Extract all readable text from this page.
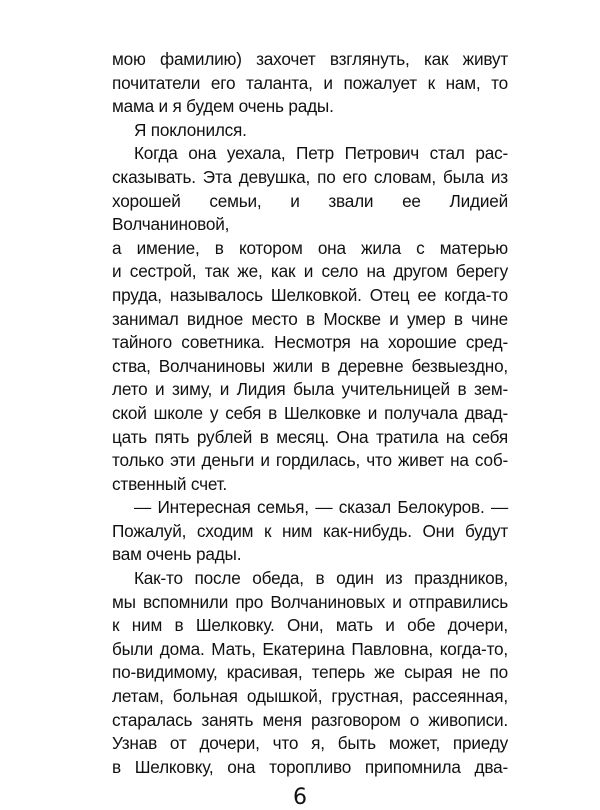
мою фамилию) захочет взглянуть, как живут
почитатели его таланта, и пожалует к нам, то
мама и я будем очень рады.
Я поклонился.
Когда она уехала, Петр Петрович стал рас-
сказывать. Эта девушка, по его словам, была из
хорошей семьи, и звали ее Лидией Волчаниновой,
а имение, в котором она жила с матерью
и сестрой, так же, как и село на другом берегу
пруда, называлось Шелковкой. Отец ее когда-то
занимал видное место в Москве и умер в чине
тайного советника. Несмотря на хорошие сред-
ства, Волчаниновы жили в деревне безвыездно,
лето и зиму, и Лидия была учительницей в зем-
ской школе у себя в Шелковке и получала двад-
цать пять рублей в месяц. Она тратила на себя
только эти деньги и гордилась, что живет на соб-
ственный счет.
— Интересная семья, — сказал Белокуров. —
Пожалуй, сходим к ним как-нибудь. Они будут
вам очень рады.
Как-то после обеда, в один из праздников,
мы вспомнили про Волчаниновых и отправились
к ним в Шелковку. Они, мать и обе дочери,
были дома. Мать, Екатерина Павловна, когда-то,
по-видимому, красивая, теперь же сырая не по
летам, больная одышкой, грустная, рассеянная,
старалась занять меня разговором о живописи.
Узнав от дочери, что я, быть может, приеду
в Шелковку, она торопливо припомнила два-
6
